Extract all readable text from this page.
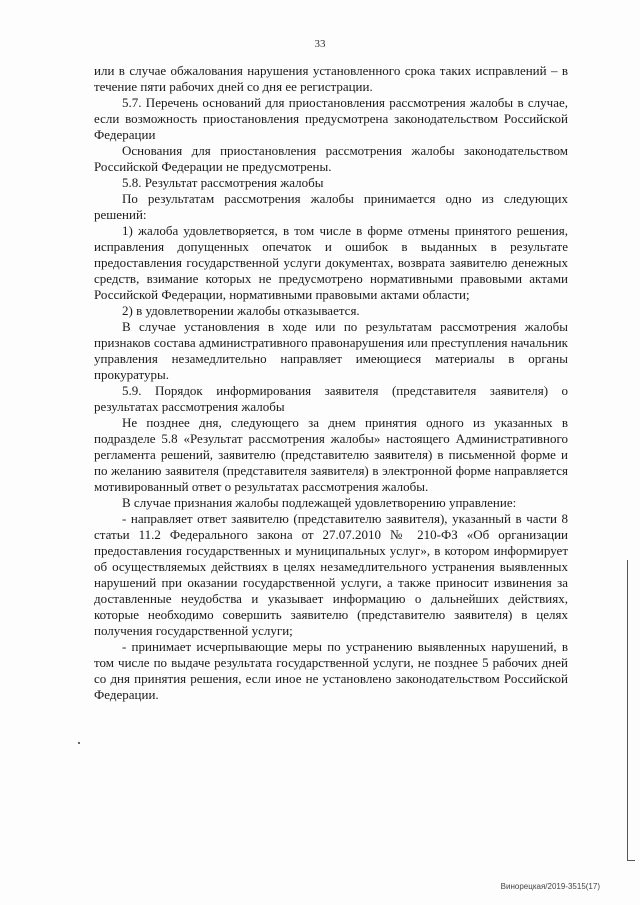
33

или в случае обжалования нарушения установленного срока таких исправлений – в течение пяти рабочих дней со дня ее регистрации.

5.7. Перечень оснований для приостановления рассмотрения жалобы в случае, если возможность приостановления предусмотрена законодательством Российской Федерации

Основания для приостановления рассмотрения жалобы законодательством Российской Федерации не предусмотрены.

5.8. Результат рассмотрения жалобы

По результатам рассмотрения жалобы принимается одно из следующих решений:

1) жалоба удовлетворяется, в том числе в форме отмены принятого решения, исправления допущенных опечаток и ошибок в выданных в результате предоставления государственной услуги документах, возврата заявителю денежных средств, взимание которых не предусмотрено нормативными правовыми актами Российской Федерации, нормативными правовыми актами области;

2) в удовлетворении жалобы отказывается.

В случае установления в ходе или по результатам рассмотрения жалобы признаков состава административного правонарушения или преступления начальник управления незамедлительно направляет имеющиеся материалы в органы прокуратуры.

5.9. Порядок информирования заявителя (представителя заявителя) о результатах рассмотрения жалобы

Не позднее дня, следующего за днем принятия одного из указанных в подразделе 5.8 «Результат рассмотрения жалобы» настоящего Административного регламента решений, заявителю (представителю заявителя) в письменной форме и по желанию заявителя (представителя заявителя) в электронной форме направляется мотивированный ответ о результатах рассмотрения жалобы.

В случае признания жалобы подлежащей удовлетворению управление:

- направляет ответ заявителю (представителю заявителя), указанный в части 8 статьи 11.2 Федерального закона от 27.07.2010 № 210-ФЗ «Об организации предоставления государственных и муниципальных услуг», в котором информирует об осуществляемых действиях в целях незамедлительного устранения выявленных нарушений при оказании государственной услуги, а также приносит извинения за доставленные неудобства и указывает информацию о дальнейших действиях, которые необходимо совершить заявителю (представителю заявителя) в целях получения государственной услуги;

- принимает исчерпывающие меры по устранению выявленных нарушений, в том числе по выдаче результата государственной услуги, не позднее 5 рабочих дней со дня принятия решения, если иное не установлено законодательством Российской Федерации.

Винорецкая/2019-3515(17)
